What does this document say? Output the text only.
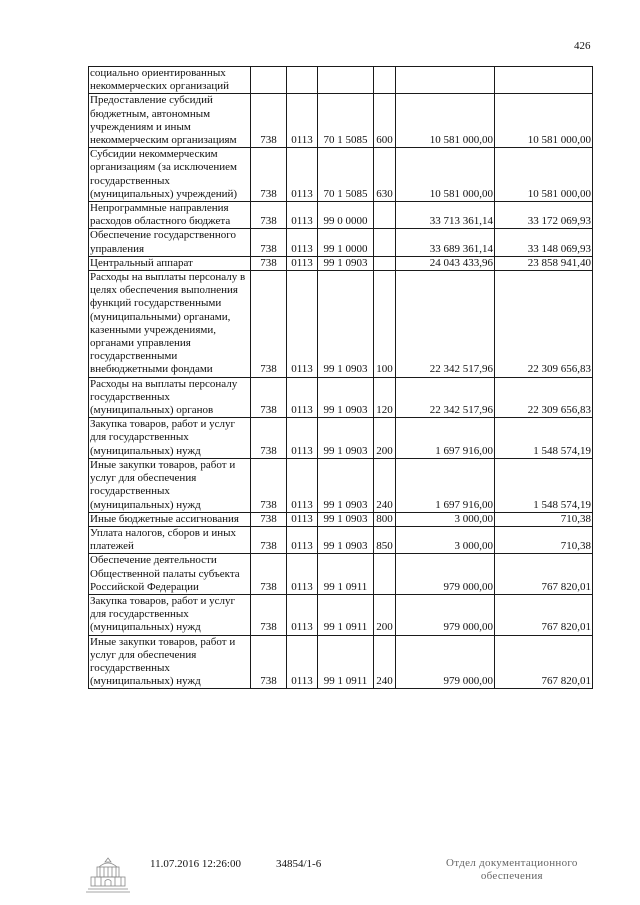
426
социально ориентированных некоммерческих организаций						
Предоставление субсидий бюджетным, автономным учреждениям и иным некоммерческим организациям	738	0113	70 1 5085	600	10 581 000,00	10 581 000,00
Субсидии некоммерческим организациям (за исключением государственных (муниципальных) учреждений)	738	0113	70 1 5085	630	10 581 000,00	10 581 000,00
Непрограммные направления расходов областного бюджета	738	0113	99 0 0000		33 713 361,14	33 172 069,93
Обеспечение государственного управления	738	0113	99 1 0000		33 689 361,14	33 148 069,93
Центральный аппарат	738	0113	99 1 0903		24 043 433,96	23 858 941,40
Расходы на выплаты персоналу в целях обеспечения выполнения функций государственными (муниципальными) органами, казенными учреждениями, органами управления государственными внебюджетными фондами	738	0113	99 1 0903	100	22 342 517,96	22 309 656,83
Расходы на выплаты персоналу государственных (муниципальных) органов	738	0113	99 1 0903	120	22 342 517,96	22 309 656,83
Закупка товаров, работ и услуг для государственных (муниципальных) нужд	738	0113	99 1 0903	200	1 697 916,00	1 548 574,19
Иные закупки товаров, работ и услуг для обеспечения государственных (муниципальных) нужд	738	0113	99 1 0903	240	1 697 916,00	1 548 574,19
Иные бюджетные ассигнования	738	0113	99 1 0903	800	3 000,00	710,38
Уплата налогов, сборов и иных платежей	738	0113	99 1 0903	850	3 000,00	710,38
Обеспечение деятельности Общественной палаты субъекта Российской Федерации	738	0113	99 1 0911		979 000,00	767 820,01
Закупка товаров, работ и услуг для государственных (муниципальных) нужд	738	0113	99 1 0911	200	979 000,00	767 820,01
Иные закупки товаров, работ и услуг для обеспечения государственных (муниципальных) нужд	738	0113	99 1 0911	240	979 000,00	767 820,01
11.07.2016 12:26:00	34854/1-6	Отдел документационного
обеспечения
